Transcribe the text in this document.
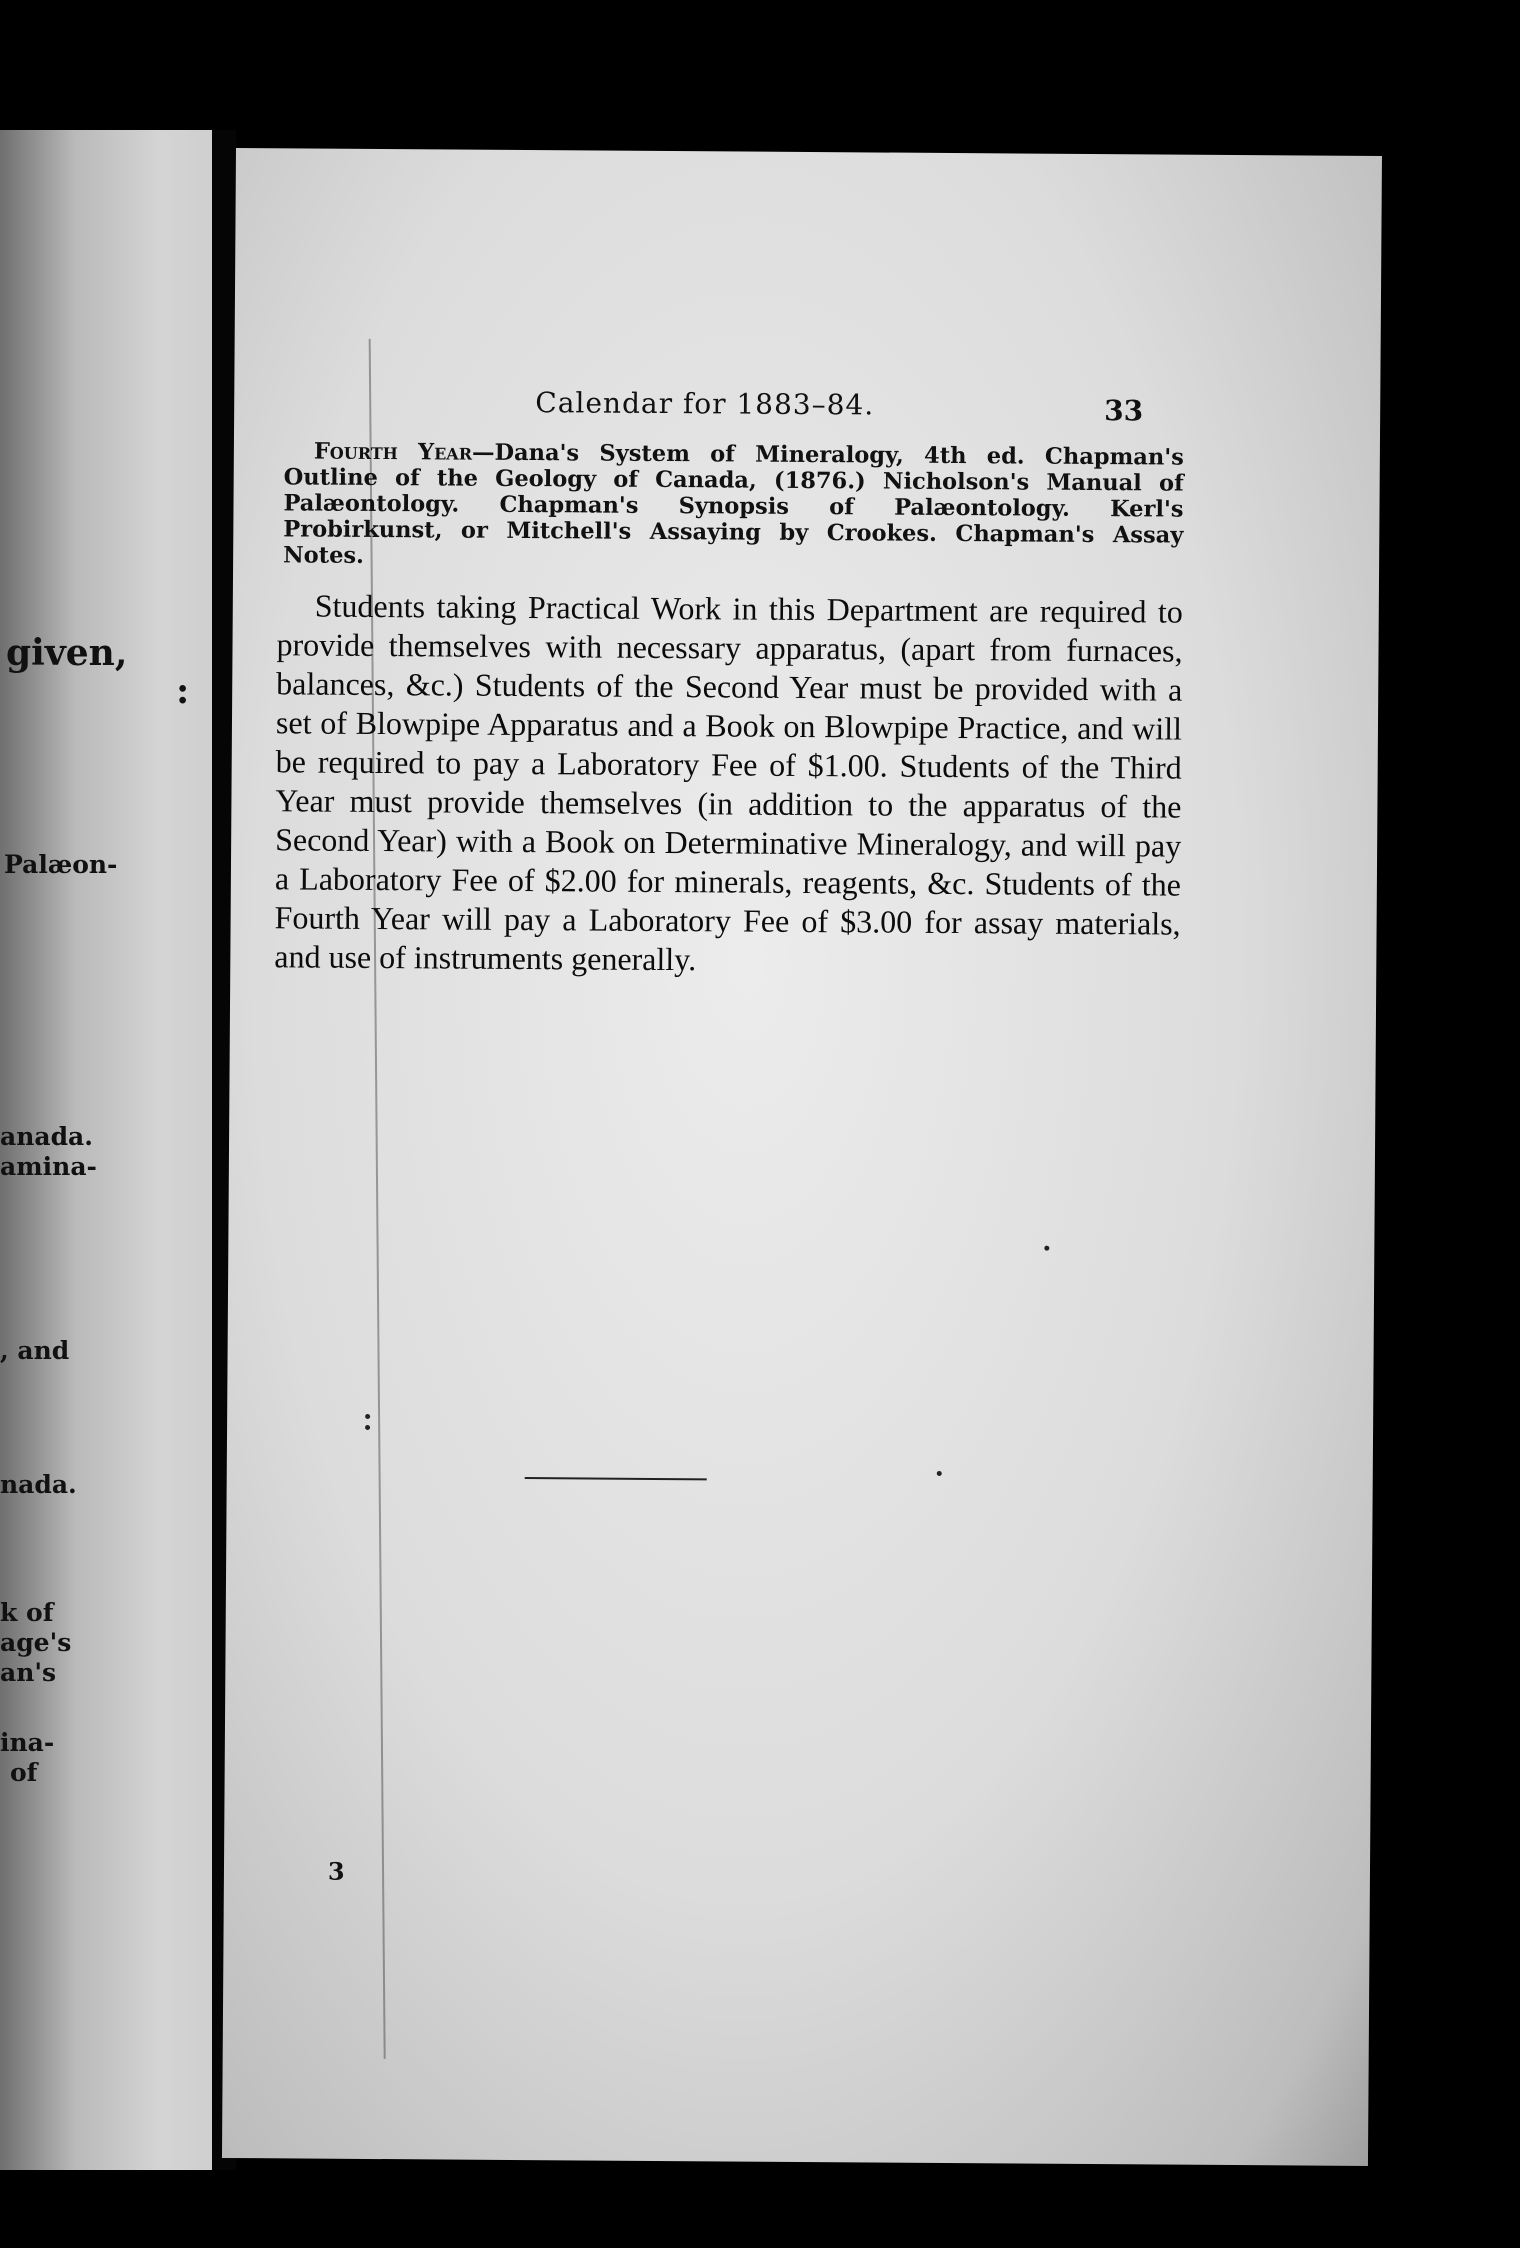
given,
:
Palæon-
anada.
amina-
, and
nada.
k of
age's
an's
ina-
of
Calendar for 1883–84.	33

Fourth Year—Dana's System of Mineralogy, 4th ed. Chapman's Outline of the Geology of Canada, (1876.) Nicholson's Manual of Palæontology. Chapman's Synopsis of Palæontology. Kerl's Probirkunst, or Mitchell's Assaying by Crookes. Chapman's Assay Notes.

Students taking Practical Work in this Department are required to provide themselves with necessary apparatus, (apart from furnaces, balances, &c.) Students of the Second Year must be provided with a set of Blowpipe Apparatus and a Book on Blowpipe Practice, and will be required to pay a Laboratory Fee of $1.00. Students of the Third Year must provide themselves (in addition to the apparatus of the Second Year) with a Book on Determinative Mineralogy, and will pay a Laboratory Fee of $2.00 for minerals, reagents, &c. Students of the Fourth Year will pay a Laboratory Fee of $3.00 for assay materials, and use of instruments generally.

3
